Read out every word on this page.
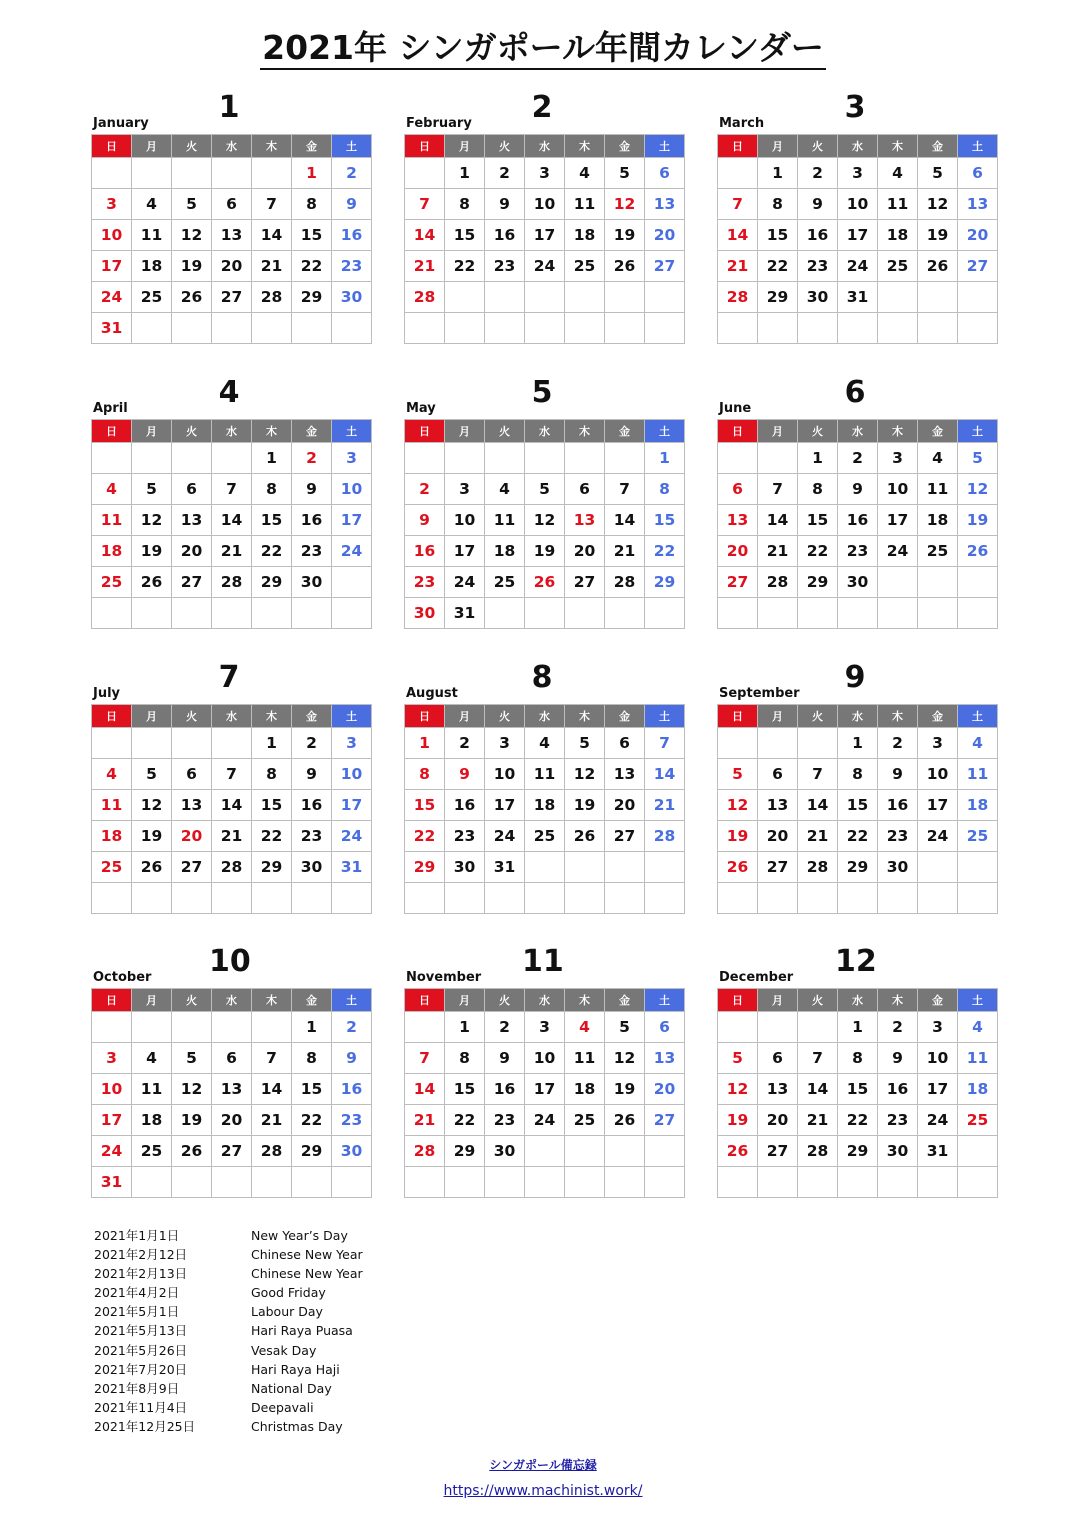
2021年 シンガポール年間カレンダー
January	1
日	月	火	水	木	金	土
					1	2
3	4	5	6	7	8	9
10	11	12	13	14	15	16
17	18	19	20	21	22	23
24	25	26	27	28	29	30
31						
February	2
日	月	火	水	木	金	土
	1	2	3	4	5	6
7	8	9	10	11	12	13
14	15	16	17	18	19	20
21	22	23	24	25	26	27
28						

March	3
日	月	火	水	木	金	土
	1	2	3	4	5	6
7	8	9	10	11	12	13
14	15	16	17	18	19	20
21	22	23	24	25	26	27
28	29	30	31			

April	4
日	月	火	水	木	金	土
				1	2	3
4	5	6	7	8	9	10
11	12	13	14	15	16	17
18	19	20	21	22	23	24
25	26	27	28	29	30	

May	5
日	月	火	水	木	金	土
						1
2	3	4	5	6	7	8
9	10	11	12	13	14	15
16	17	18	19	20	21	22
23	24	25	26	27	28	29
30	31					
June	6
日	月	火	水	木	金	土
		1	2	3	4	5
6	7	8	9	10	11	12
13	14	15	16	17	18	19
20	21	22	23	24	25	26
27	28	29	30			

July	7
日	月	火	水	木	金	土
				1	2	3
4	5	6	7	8	9	10
11	12	13	14	15	16	17
18	19	20	21	22	23	24
25	26	27	28	29	30	31

August	8
日	月	火	水	木	金	土
1	2	3	4	5	6	7
8	9	10	11	12	13	14
15	16	17	18	19	20	21
22	23	24	25	26	27	28
29	30	31				

September	9
日	月	火	水	木	金	土
			1	2	3	4
5	6	7	8	9	10	11
12	13	14	15	16	17	18
19	20	21	22	23	24	25
26	27	28	29	30		

October 10
日	月	火	水	木	金	土
					1	2
3	4	5	6	7	8	9
10	11	12	13	14	15	16
17	18	19	20	21	22	23
24	25	26	27	28	29	30
31						
November 11
日	月	火	水	木	金	土
	1	2	3	4	5	6
7	8	9	10	11	12	13
14	15	16	17	18	19	20
21	22	23	24	25	26	27
28	29	30				

December 12
日	月	火	水	木	金	土
			1	2	3	4
5	6	7	8	9	10	11
12	13	14	15	16	17	18
19	20	21	22	23	24	25
26	27	28	29	30	31	

2021年1月1日	New Year’s Day
2021年2月12日	Chinese New Year
2021年2月13日	Chinese New Year
2021年4月2日	Good Friday
2021年5月1日	Labour Day
2021年5月13日	Hari Raya Puasa
2021年5月26日	Vesak Day
2021年7月20日	Hari Raya Haji
2021年8月9日	National Day
2021年11月4日	Deepavali
2021年12月25日	Christmas Day
シンガポール備忘録
https://www.machinist.work/
